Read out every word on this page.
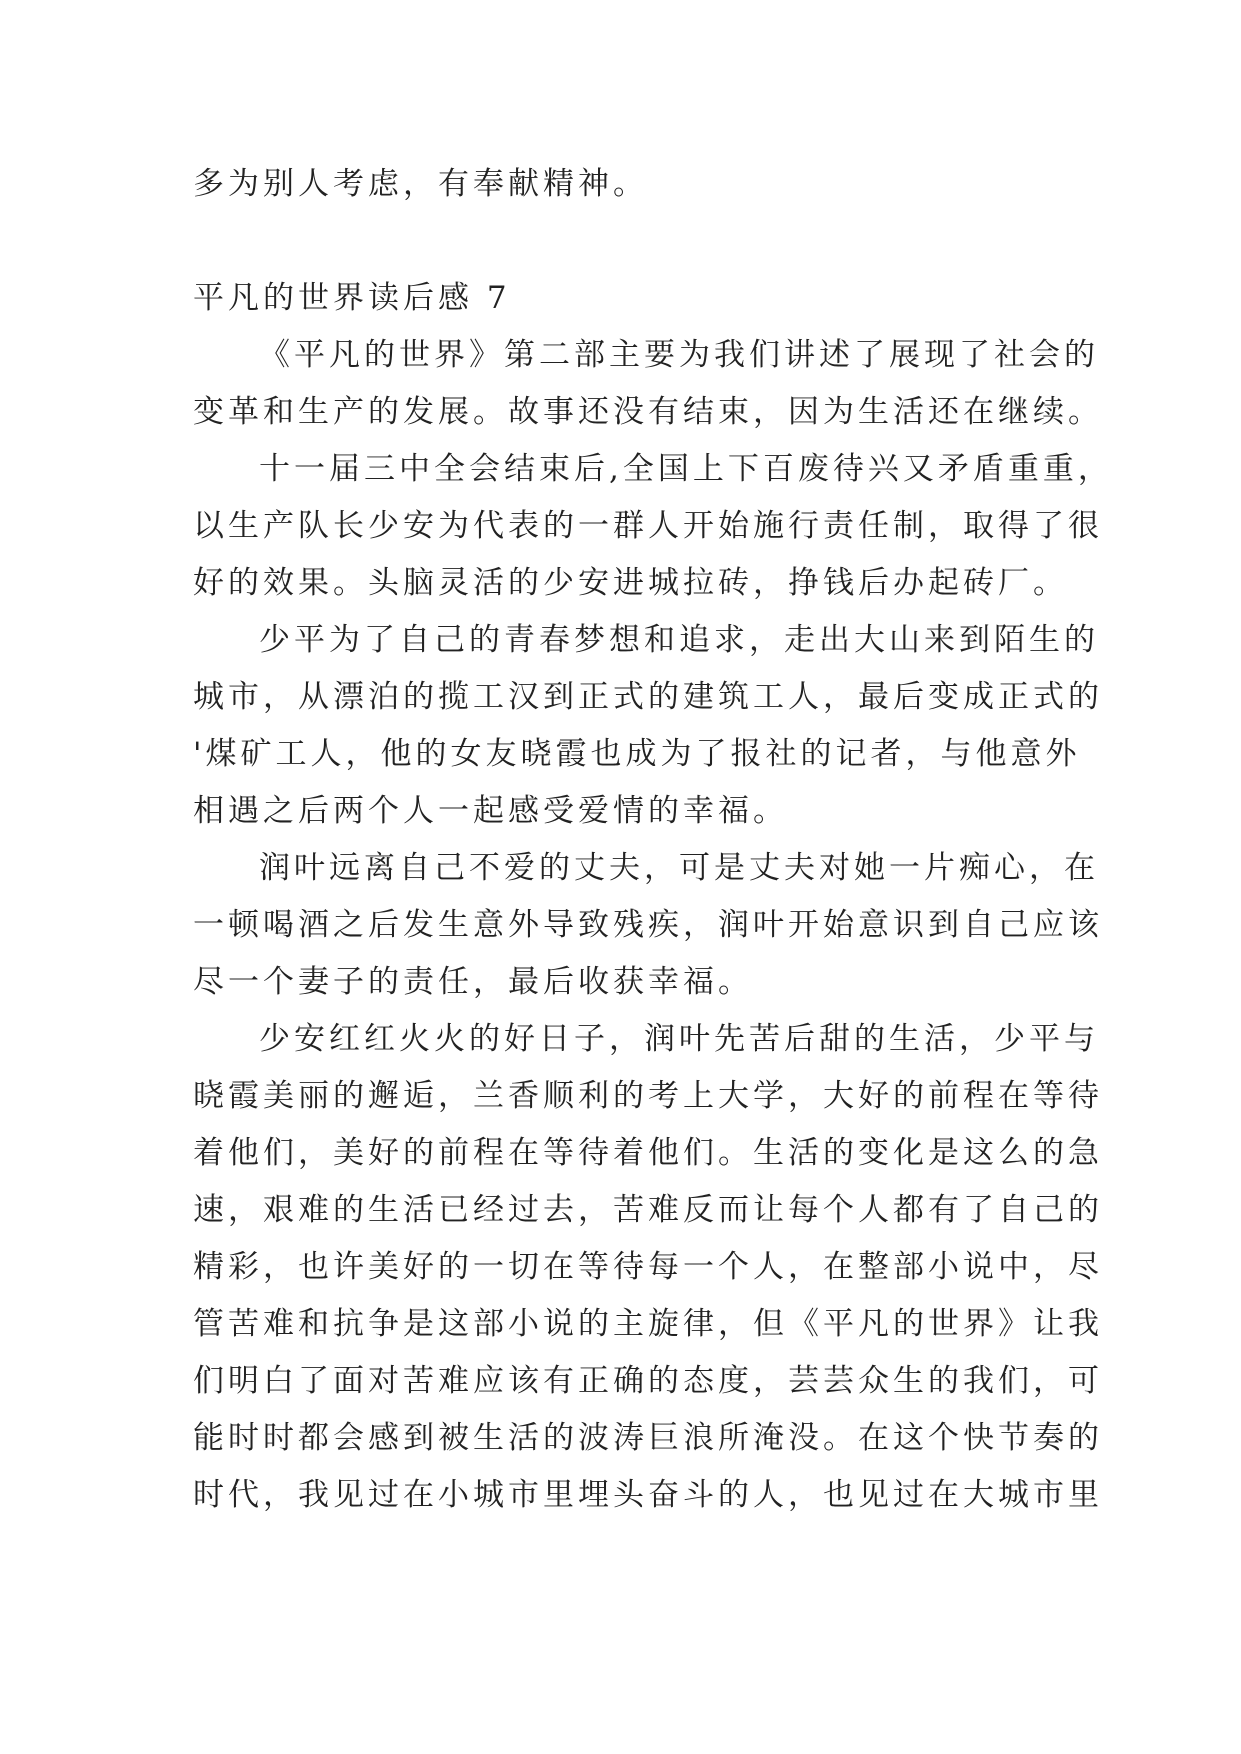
多为别人考虑，有奉献精神。
平凡的世界读后感 7
《平凡的世界》第二部主要为我们讲述了展现了社会的
变革和生产的发展。故事还没有结束，因为生活还在继续。
十一届三中全会结束后,全国上下百废待兴又矛盾重重，
以生产队长少安为代表的一群人开始施行责任制，取得了很
好的效果。头脑灵活的少安进城拉砖，挣钱后办起砖厂。
少平为了自己的青春梦想和追求，走出大山来到陌生的
城市，从漂泊的揽工汉到正式的建筑工人，最后变成正式的
'煤矿工人，他的女友晓霞也成为了报社的记者，与他意外
相遇之后两个人一起感受爱情的幸福。
润叶远离自己不爱的丈夫，可是丈夫对她一片痴心，在
一顿喝酒之后发生意外导致残疾，润叶开始意识到自己应该
尽一个妻子的责任，最后收获幸福。
少安红红火火的好日子，润叶先苦后甜的生活，少平与
晓霞美丽的邂逅，兰香顺利的考上大学，大好的前程在等待
着他们，美好的前程在等待着他们。生活的变化是这么的急
速，艰难的生活已经过去，苦难反而让每个人都有了自己的
精彩，也许美好的一切在等待每一个人，在整部小说中，尽
管苦难和抗争是这部小说的主旋律，但《平凡的世界》让我
们明白了面对苦难应该有正确的态度，芸芸众生的我们，可
能时时都会感到被生活的波涛巨浪所淹没。在这个快节奏的
时代，我见过在小城市里埋头奋斗的人，也见过在大城市里
